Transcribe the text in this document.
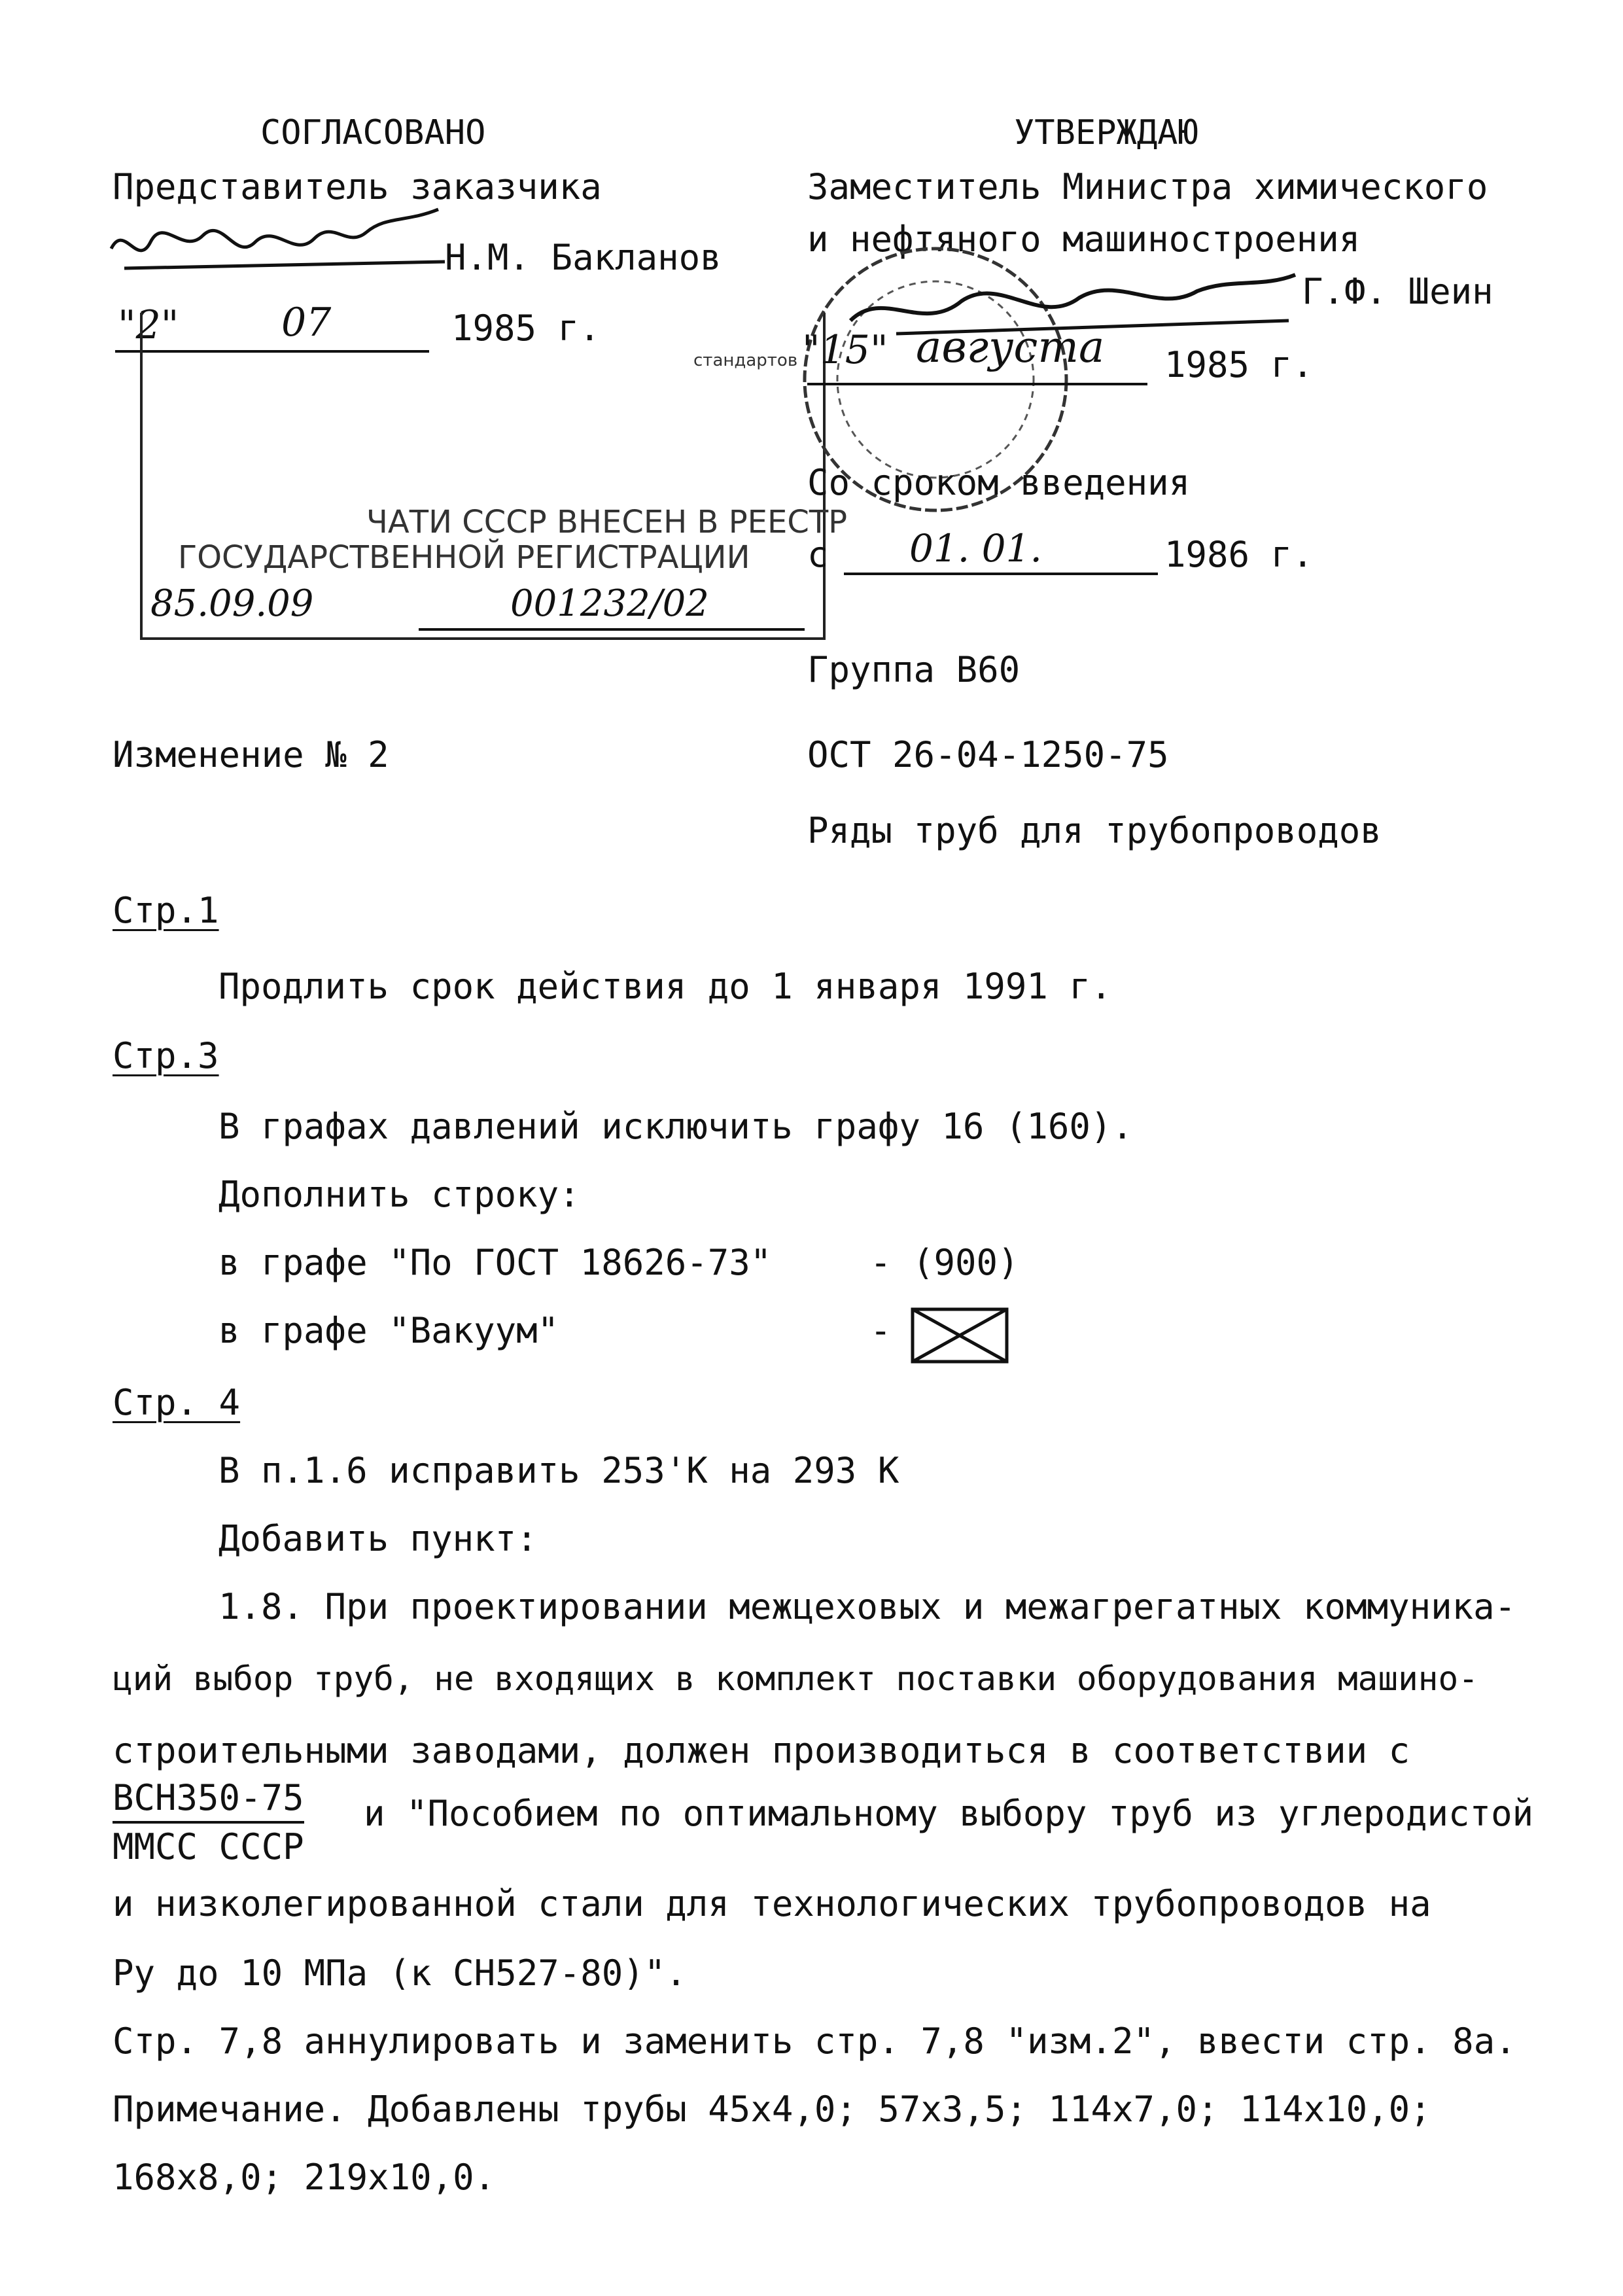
СОГЛАСОВАНО
Представитель заказчика
Н.М. Бакланов
"2"	07	1985 г.
стандартов
ЧАТИ СССР ВНЕСЕН В РЕЕСТР
ГОСУДАРСТВЕННОЙ РЕГИСТРАЦИИ
85.09.09	001232/02
УТВЕРЖДАЮ
Заместитель Министра химического
и нефтяного машиностроения
Г.Ф. Шеин
"15" августа 1985 г.
Со сроком введения
с 01. 01.	1986 г.
Группа В60
Изменение № 2	ОСТ 26-04-1250-75
Ряды труб для трубопроводов
Стр.1
Продлить срок действия до 1 января 1991 г.
Стр.3
В графах давлений исключить графу 16 (160).
Дополнить строку:
в графе "По ГОСТ 18626-73"	- (900)
в графе "Вакуум"	-
Стр. 4
В п.1.6 исправить 253'К на 293 К
Добавить пункт:
1.8. При проектировании межцеховых и межагрегатных коммуника-
ций выбор труб, не входящих в комплект поставки оборудования машино-
строительными заводами, должен производиться в соответствии с
ВСН350-75
ММСС СССР
и "Пособием по оптимальному выбору труб из углеродистой
и низколегированной стали для технологических трубопроводов на
Ру до 10 МПа (к СН527-80)".
Стр. 7,8 аннулировать и заменить стр. 7,8 "изм.2", ввести стр. 8а.
Примечание. Добавлены трубы 45х4,0; 57х3,5; 114х7,0; 114х10,0;
168х8,0; 219х10,0.
